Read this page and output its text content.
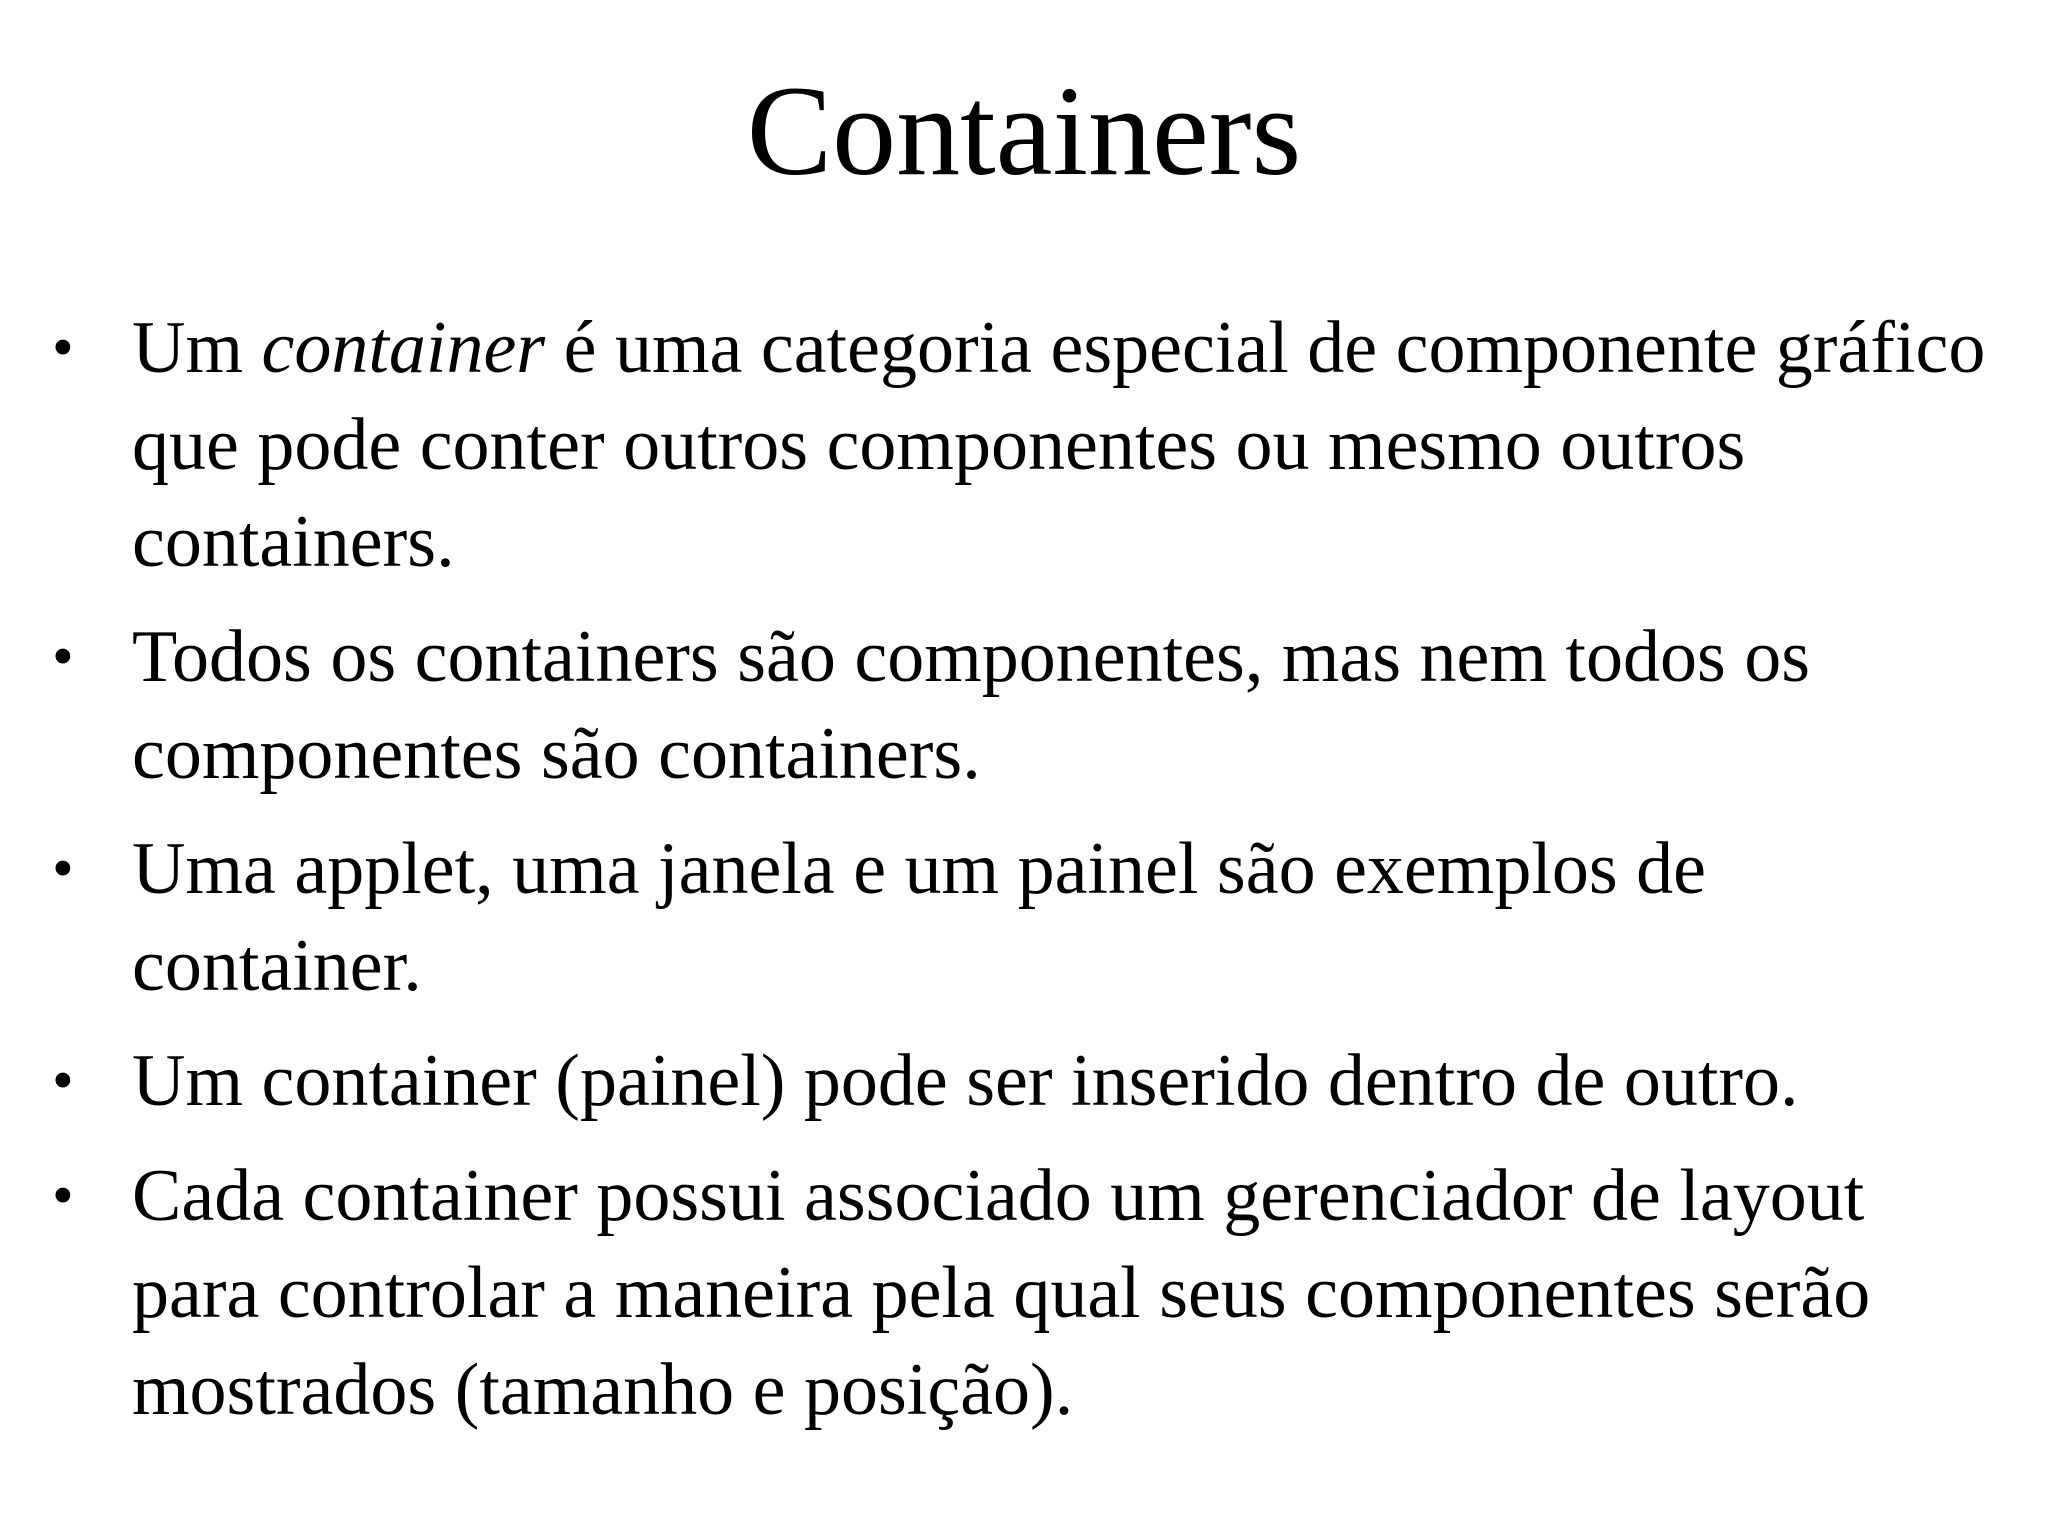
Containers
• Um container é uma categoria especial de componente gráfico que pode conter outros componentes ou mesmo outros containers.
• Todos os containers são componentes, mas nem todos os componentes são containers.
• Uma applet, uma janela e um painel são exemplos de container.
• Um container (painel) pode ser inserido dentro de outro.
• Cada container possui associado um gerenciador de layout para controlar a maneira pela qual seus componentes serão mostrados (tamanho e posição).
